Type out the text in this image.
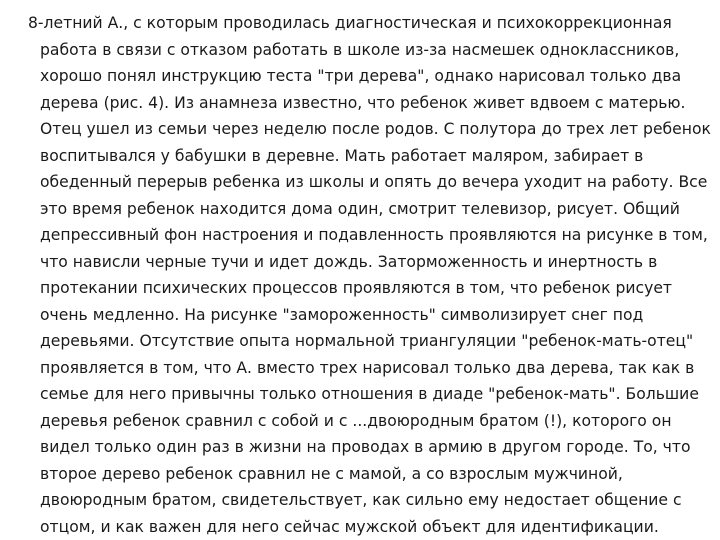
8-летний А., с которым проводилась диагностическая и психокоррекционная
работа в связи с отказом работать в школе из-за насмешек одноклассников,
хорошо понял инструкцию теста "три дерева", однако нарисовал только два
дерева (рис. 4). Из анамнеза известно, что ребенок живет вдвоем с матерью.
Отец ушел из семьи через неделю после родов. С полутора до трех лет ребенок
воспитывался у бабушки в деревне. Мать работает маляром, забирает в
обеденный перерыв ребенка из школы и опять до вечера уходит на работу. Все
это время ребенок находится дома один, смотрит телевизор, рисует. Общий
депрессивный фон настроения и подавленность проявляются на рисунке в том,
что нависли черные тучи и идет дождь. Заторможенность и инертность в
протекании психических процессов проявляются в том, что ребенок рисует
очень медленно. На рисунке "замороженность" символизирует снег под
деревьями. Отсутствие опыта нормальной триангуляции "ребенок-мать-отец"
проявляется в том, что А. вместо трех нарисовал только два дерева, так как в
семье для него привычны только отношения в диаде "ребенок-мать". Большие
деревья ребенок сравнил с собой и с ...двоюродным братом (!), которого он
видел только один раз в жизни на проводах в армию в другом городе. То, что
второе дерево ребенок сравнил не с мамой, а со взрослым мужчиной,
двоюродным братом, свидетельствует, как сильно ему недостает общение с
отцом, и как важен для него сейчас мужской объект для идентификации.
